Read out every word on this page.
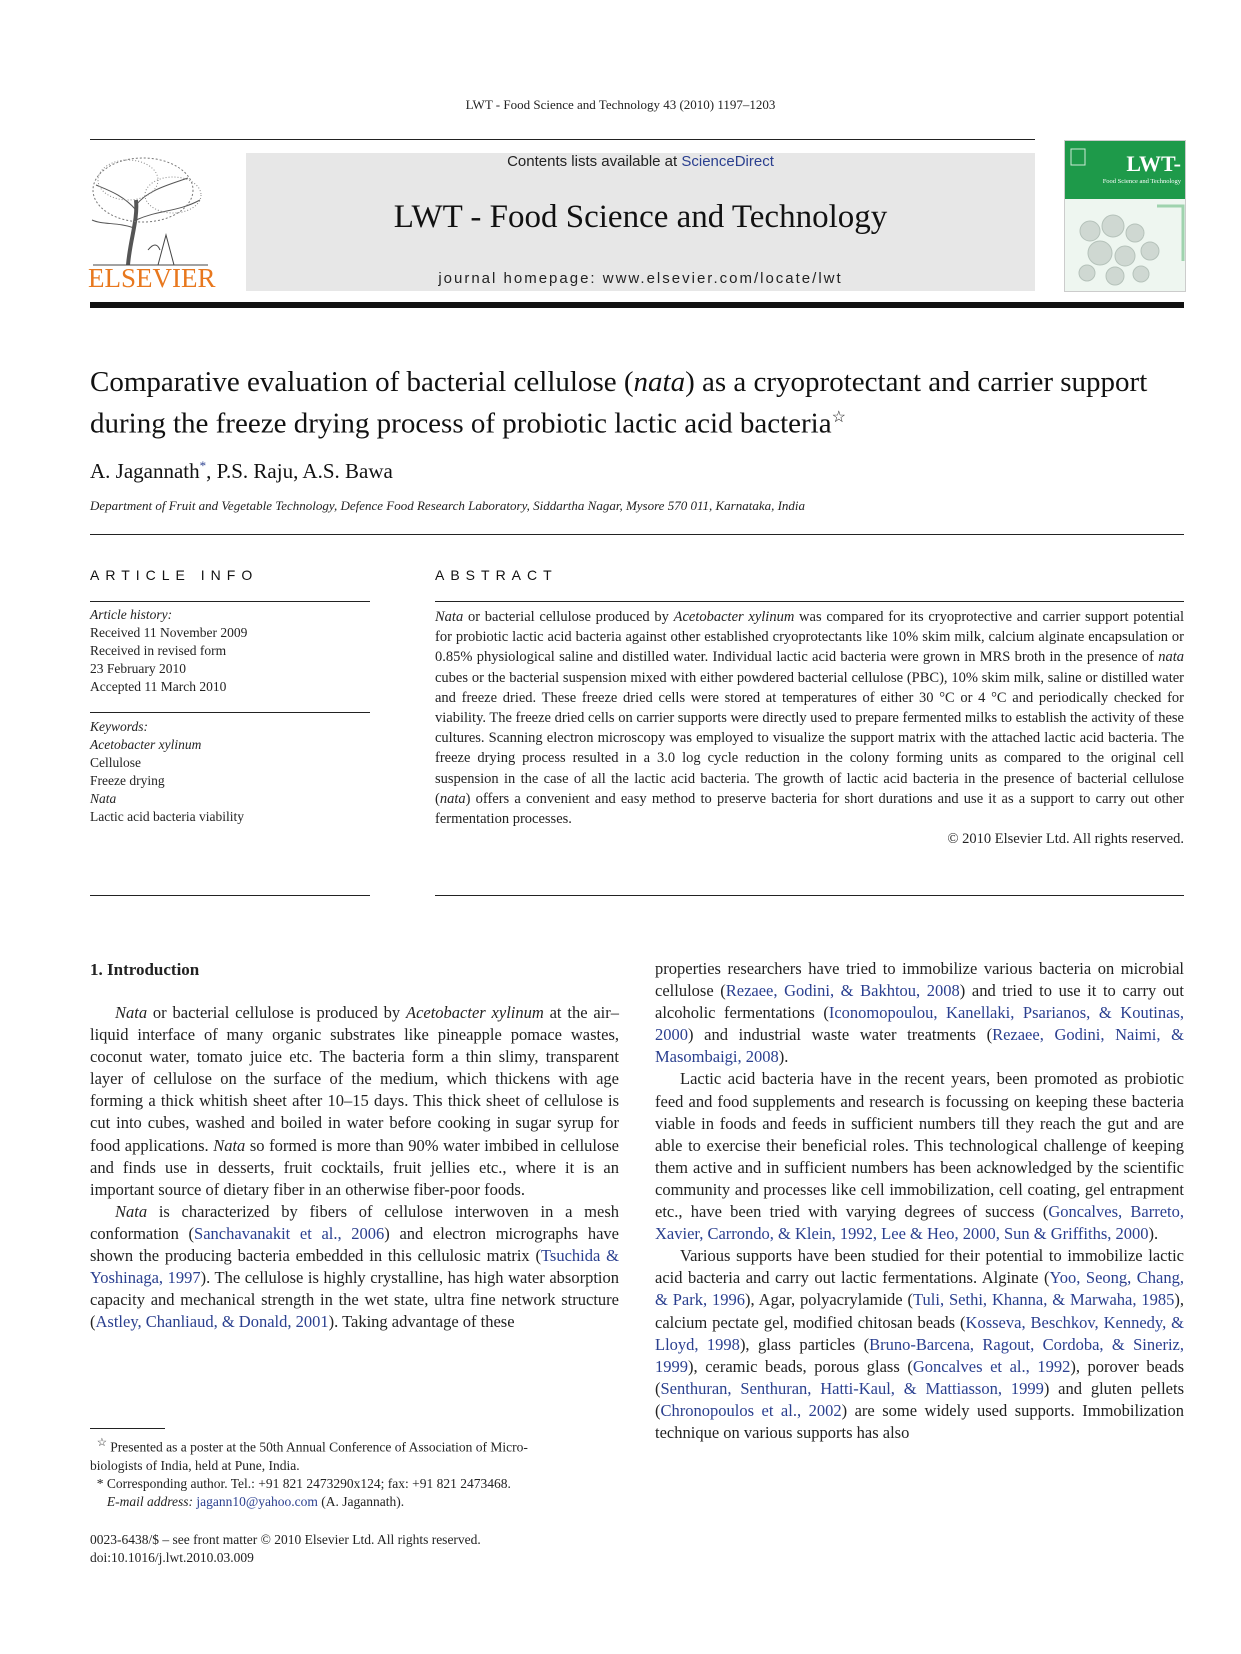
LWT - Food Science and Technology 43 (2010) 1197–1203
ELSEVIER
Contents lists available at ScienceDirect
LWT - Food Science and Technology
journal homepage: www.elsevier.com/locate/lwt
LWT-
Food Science and Technology
Comparative evaluation of bacterial cellulose (nata) as a cryoprotectant and carrier support during the freeze drying process of probiotic lactic acid bacteria☆
A. Jagannath*, P.S. Raju, A.S. Bawa
Department of Fruit and Vegetable Technology, Defence Food Research Laboratory, Siddartha Nagar, Mysore 570 011, Karnataka, India
ARTICLE INFO
Article history:
Received 11 November 2009
Received in revised form
23 February 2010
Accepted 11 March 2010
Keywords:
Acetobacter xylinum
Cellulose
Freeze drying
Nata
Lactic acid bacteria viability
ABSTRACT
Nata or bacterial cellulose produced by Acetobacter xylinum was compared for its cryoprotective and carrier support potential for probiotic lactic acid bacteria against other established cryoprotectants like 10% skim milk, calcium alginate encapsulation or 0.85% physiological saline and distilled water. Individual lactic acid bacteria were grown in MRS broth in the presence of nata cubes or the bacterial suspension mixed with either powdered bacterial cellulose (PBC), 10% skim milk, saline or distilled water and freeze dried. These freeze dried cells were stored at temperatures of either 30 °C or 4 °C and periodically checked for viability. The freeze dried cells on carrier supports were directly used to prepare fermented milks to establish the activity of these cultures. Scanning electron microscopy was employed to visualize the support matrix with the attached lactic acid bacteria. The freeze drying process resulted in a 3.0 log cycle reduction in the colony forming units as compared to the original cell suspension in the case of all the lactic acid bacteria. The growth of lactic acid bacteria in the presence of bacterial cellulose (nata) offers a convenient and easy method to preserve bacteria for short durations and use it as a support to carry out other fermentation processes.
© 2010 Elsevier Ltd. All rights reserved.
1. Introduction

Nata or bacterial cellulose is produced by Acetobacter xylinum at the air–liquid interface of many organic substrates like pineapple pomace wastes, coconut water, tomato juice etc. The bacteria form a thin slimy, transparent layer of cellulose on the surface of the medium, which thickens with age forming a thick whitish sheet after 10–15 days. This thick sheet of cellulose is cut into cubes, washed and boiled in water before cooking in sugar syrup for food applications. Nata so formed is more than 90% water imbibed in cellulose and finds use in desserts, fruit cocktails, fruit jellies etc., where it is an important source of dietary fiber in an otherwise fiber-poor foods.

Nata is characterized by fibers of cellulose interwoven in a mesh conformation (Sanchavanakit et al., 2006) and electron micrographs have shown the producing bacteria embedded in this cellulosic matrix (Tsuchida & Yoshinaga, 1997). The cellulose is highly crystalline, has high water absorption capacity and mechanical strength in the wet state, ultra fine network structure (Astley, Chanliaud, & Donald, 2001). Taking advantage of these

properties researchers have tried to immobilize various bacteria on microbial cellulose (Rezaee, Godini, & Bakhtou, 2008) and tried to use it to carry out alcoholic fermentations (Iconomopoulou, Kanellaki, Psarianos, & Koutinas, 2000) and industrial waste water treatments (Rezaee, Godini, Naimi, & Masombaigi, 2008).

Lactic acid bacteria have in the recent years, been promoted as probiotic feed and food supplements and research is focussing on keeping these bacteria viable in foods and feeds in sufficient numbers till they reach the gut and are able to exercise their beneficial roles. This technological challenge of keeping them active and in sufficient numbers has been acknowledged by the scientific community and processes like cell immobilization, cell coating, gel entrapment etc., have been tried with varying degrees of success (Goncalves, Barreto, Xavier, Carrondo, & Klein, 1992, Lee & Heo, 2000, Sun & Griffiths, 2000).

Various supports have been studied for their potential to immobilize lactic acid bacteria and carry out lactic fermentations. Alginate (Yoo, Seong, Chang, & Park, 1996), Agar, polyacrylamide (Tuli, Sethi, Khanna, & Marwaha, 1985), calcium pectate gel, modified chitosan beads (Kosseva, Beschkov, Kennedy, & Lloyd, 1998), glass particles (Bruno-Barcena, Ragout, Cordoba, & Sineriz, 1999), ceramic beads, porous glass (Goncalves et al., 1992), porover beads (Senthuran, Senthuran, Hatti-Kaul, & Mattiasson, 1999) and gluten pellets (Chronopoulos et al., 2002) are some widely used supports. Immobilization technique on various supports has also

☆ Presented as a poster at the 50th Annual Conference of Association of Micro-
biologists of India, held at Pune, India.
* Corresponding author. Tel.: +91 821 2473290x124; fax: +91 821 2473468.
E-mail address: jagann10@yahoo.com (A. Jagannath).
0023-6438/$ – see front matter © 2010 Elsevier Ltd. All rights reserved.
doi:10.1016/j.lwt.2010.03.009
